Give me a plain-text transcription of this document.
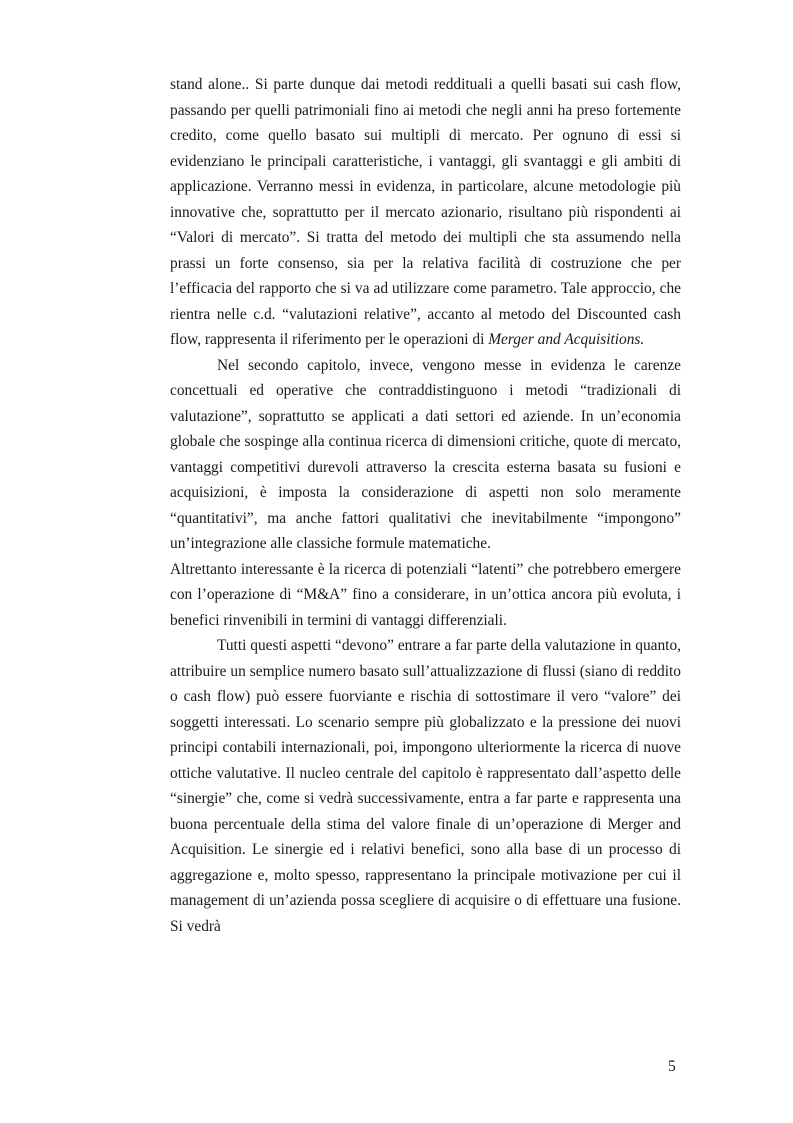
stand alone.. Si parte dunque dai metodi reddituali a quelli basati sui cash flow, passando per quelli patrimoniali fino ai metodi che negli anni ha preso fortemente credito, come quello basato sui multipli di mercato. Per ognuno di essi si evidenziano le principali caratteristiche, i vantaggi, gli svantaggi e gli ambiti di applicazione. Verranno messi in evidenza, in particolare, alcune metodologie più innovative che, soprattutto per il mercato azionario, risultano più rispondenti ai “Valori di mercato”. Si tratta del metodo dei multipli che sta assumendo nella prassi un forte consenso, sia per la relativa facilità di costruzione che per l’efficacia del rapporto che si va ad utilizzare come parametro. Tale approccio, che rientra nelle c.d. “valutazioni relative”, accanto al metodo del Discounted cash flow, rappresenta il riferimento per le operazioni di Merger and Acquisitions.

Nel secondo capitolo, invece, vengono messe in evidenza le carenze concettuali ed operative che contraddistinguono i metodi “tradizionali di valutazione”, soprattutto se applicati a dati settori ed aziende. In un’economia globale che sospinge alla continua ricerca di dimensioni critiche, quote di mercato, vantaggi competitivi durevoli attraverso la crescita esterna basata su fusioni e acquisizioni, è imposta la considerazione di aspetti non solo meramente “quantitativi”, ma anche fattori qualitativi che inevitabilmente “impongono” un’integrazione alle classiche formule matematiche.

Altrettanto interessante è la ricerca di potenziali “latenti” che potrebbero emergere con l’operazione di “M&A” fino a considerare, in un’ottica ancora più evoluta, i benefici rinvenibili in termini di vantaggi differenziali.

Tutti questi aspetti “devono” entrare a far parte della valutazione in quanto, attribuire un semplice numero basato sull’attualizzazione di flussi (siano di reddito o cash flow) può essere fuorviante e rischia di sottostimare il vero “valore” dei soggetti interessati. Lo scenario sempre più globalizzato e la pressione dei nuovi principi contabili internazionali, poi, impongono ulteriormente la ricerca di nuove ottiche valutative. Il nucleo centrale del capitolo è rappresentato dall’aspetto delle “sinergie” che, come si vedrà successivamente, entra a far parte e rappresenta una buona percentuale della stima del valore finale di un’operazione di Merger and Acquisition. Le sinergie ed i relativi benefici, sono alla base di un processo di aggregazione e, molto spesso, rappresentano la principale motivazione per cui il management di un’azienda possa scegliere di acquisire o di effettuare una fusione. Si vedrà

5
